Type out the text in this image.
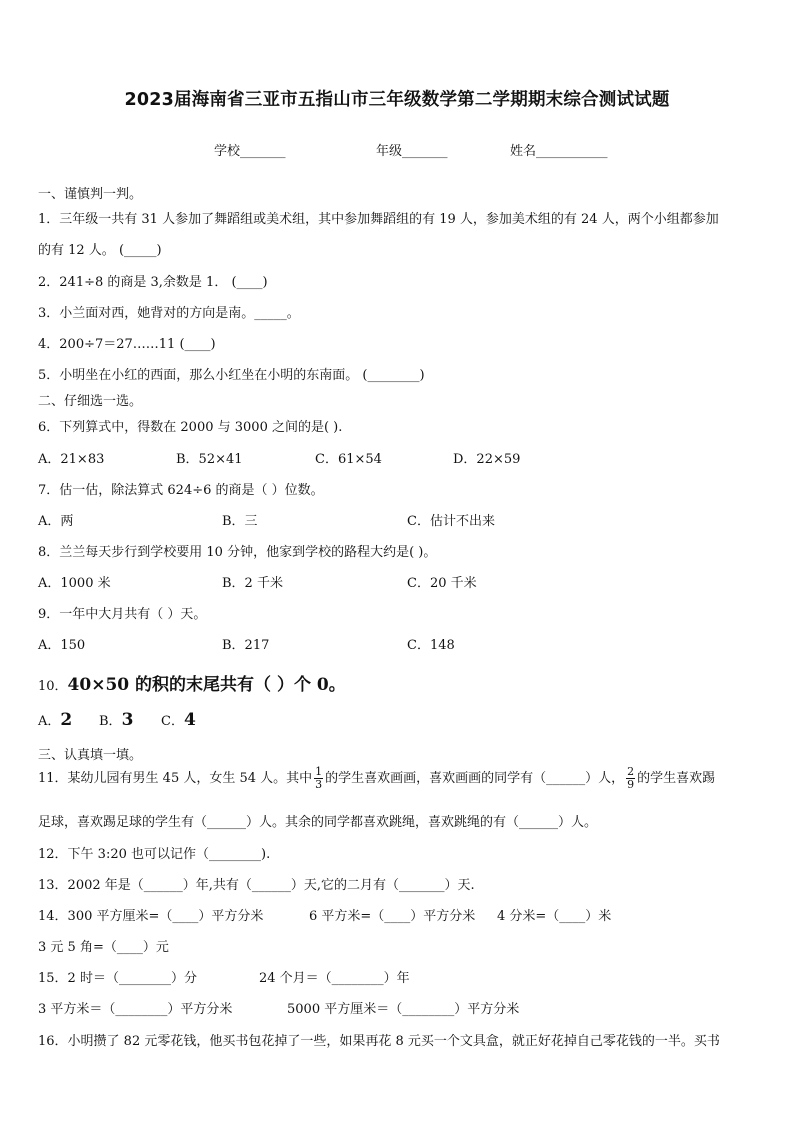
2023届海南省三亚市五指山市三年级数学第二学期期末综合测试试题
学校_______	年级_______	姓名___________
一、谨慎判一判。
1．三年级一共有 31 人参加了舞蹈组或美术组，其中参加舞蹈组的有 19 人，参加美术组的有 24 人，两个小组都参加
的有 12 人。 (_____)
2．241÷8 的商是 3,余数是 1． (____)
3．小兰面对西，她背对的方向是南。_____。
4．200÷7＝27……11 (____)
5．小明坐在小红的西面，那么小红坐在小明的东南面。 (________)
二、仔细选一选。
6．下列算式中，得数在 2000 与 3000 之间的是( ).
A．21×83	B．52×41	C．61×54	D．22×59
7．估一估，除法算式 624÷6 的商是（ ）位数。
A．两	B．三	C．估计不出来
8．兰兰每天步行到学校要用 10 分钟，他家到学校的路程大约是( )。
A．1000 米	B．2 千米	C．20 千米
9．一年中大月共有（ ）天。
A．150	B．217	C．148
10．40×50 的积的末尾共有（ ）个 0。
A．2 B．3 C．4
三、认真填一填。
11．某幼儿园有男生 45 人，女生 54 人。其中 $\frac{1}{3}$ 的学生喜欢画画，喜欢画画的同学有（______）人， $\frac{2}{9}$ 的学生喜欢踢
足球，喜欢踢足球的学生有（______）人。其余的同学都喜欢跳绳，喜欢跳绳的有（______）人。
12．下午 3:20 也可以记作（________).
13．2002 年是（______）年,共有（______）天,它的二月有（_______）天.
14．300 平方厘米=（____）平方分米	6 平方米=（____）平方分米 4 分米=（____）米
3 元 5 角=（____）元
15．2 时＝（________）分	24 个月＝（________）年
3 平方米＝（________）平方分米	5000 平方厘米＝（________）平方分米
16．小明攒了 82 元零花钱，他买书包花掉了一些，如果再花 8 元买一个文具盒，就正好花掉自己零花钱的一半。买书
